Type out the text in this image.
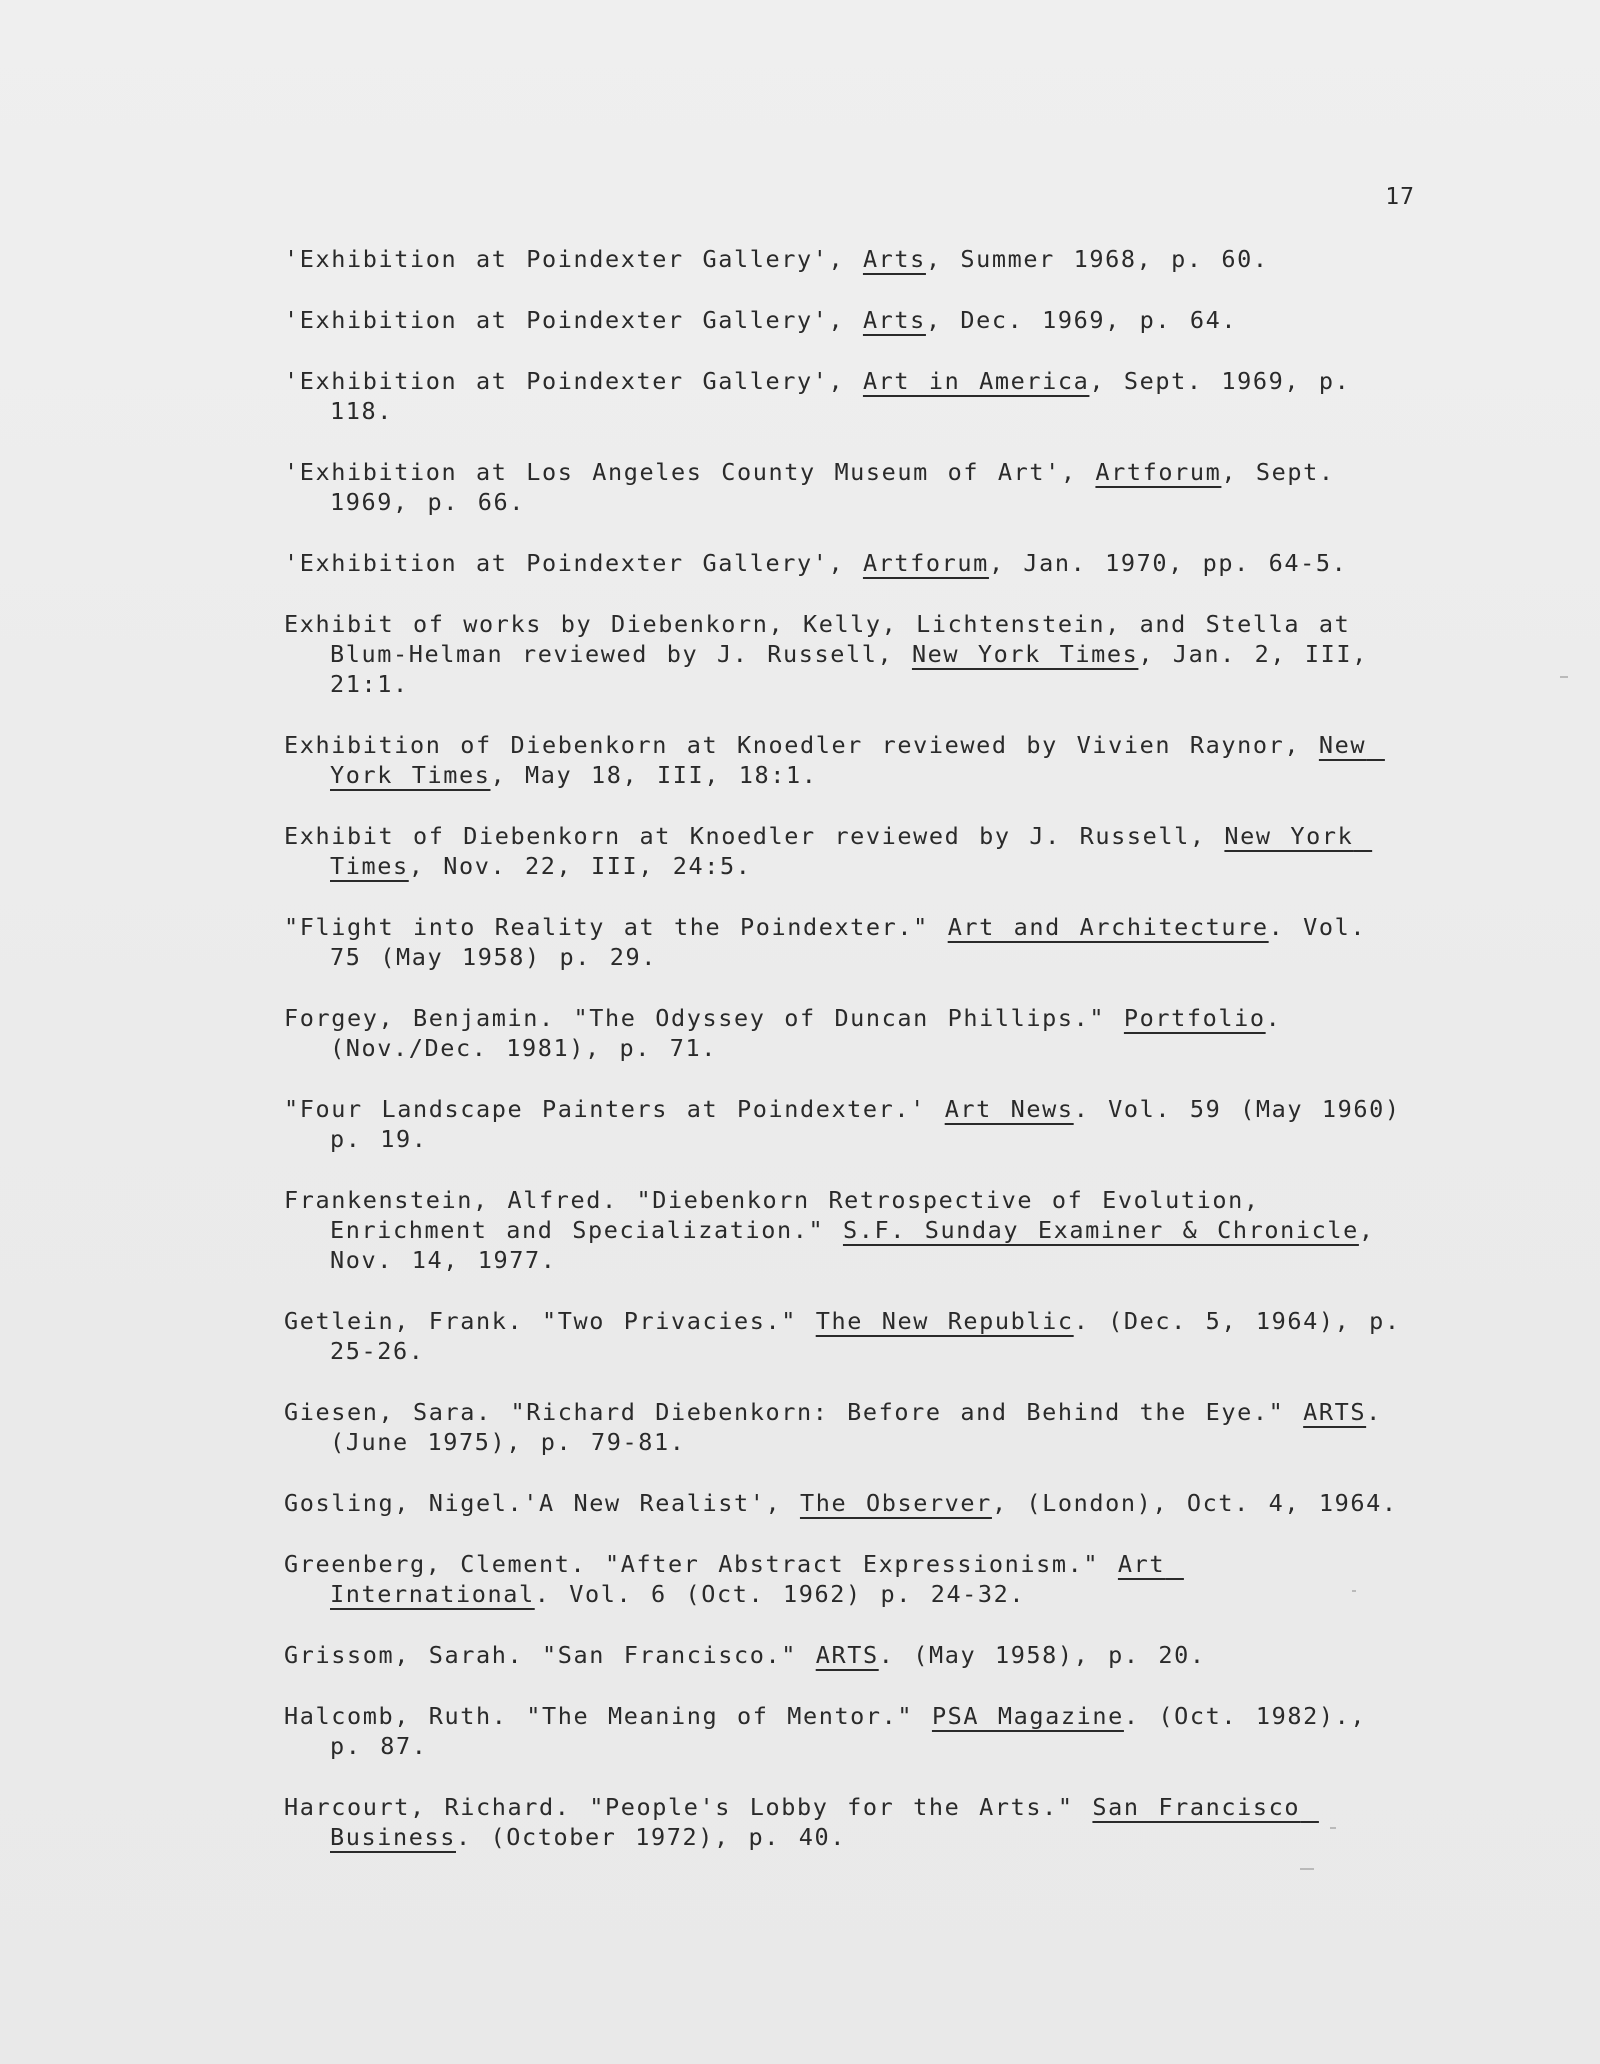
17
'Exhibition at Poindexter Gallery', Arts, Summer 1968, p. 60.
'Exhibition at Poindexter Gallery', Arts, Dec. 1969, p. 64.
'Exhibition at Poindexter Gallery', Art in America, Sept. 1969, p. 118.
'Exhibition at Los Angeles County Museum of Art', Artforum, Sept. 1969, p. 66.
'Exhibition at Poindexter Gallery', Artforum, Jan. 1970, pp. 64-5.
Exhibit of works by Diebenkorn, Kelly, Lichtenstein, and Stella at Blum-Helman reviewed by J. Russell, New York Times, Jan. 2, III, 21:1.
Exhibition of Diebenkorn at Knoedler reviewed by Vivien Raynor, New York Times, May 18, III, 18:1.
Exhibit of Diebenkorn at Knoedler reviewed by J. Russell, New York Times, Nov. 22, III, 24:5.
"Flight into Reality at the Poindexter." Art and Architecture. Vol. 75 (May 1958) p. 29.
Forgey, Benjamin. "The Odyssey of Duncan Phillips." Portfolio. (Nov./Dec. 1981), p. 71.
"Four Landscape Painters at Poindexter.' Art News. Vol. 59 (May 1960) p. 19.
Frankenstein, Alfred. "Diebenkorn Retrospective of Evolution, Enrichment and Specialization." S.F. Sunday Examiner & Chronicle, Nov. 14, 1977.
Getlein, Frank. "Two Privacies." The New Republic. (Dec. 5, 1964), p. 25-26.
Giesen, Sara. "Richard Diebenkorn: Before and Behind the Eye." ARTS. (June 1975), p. 79-81.
Gosling, Nigel.'A New Realist', The Observer, (London), Oct. 4, 1964.
Greenberg, Clement. "After Abstract Expressionism." Art International. Vol. 6 (Oct. 1962) p. 24-32.
Grissom, Sarah. "San Francisco." ARTS. (May 1958), p. 20.
Halcomb, Ruth. "The Meaning of Mentor." PSA Magazine. (Oct. 1982)., p. 87.
Harcourt, Richard. "People's Lobby for the Arts." San Francisco Business. (October 1972), p. 40.
